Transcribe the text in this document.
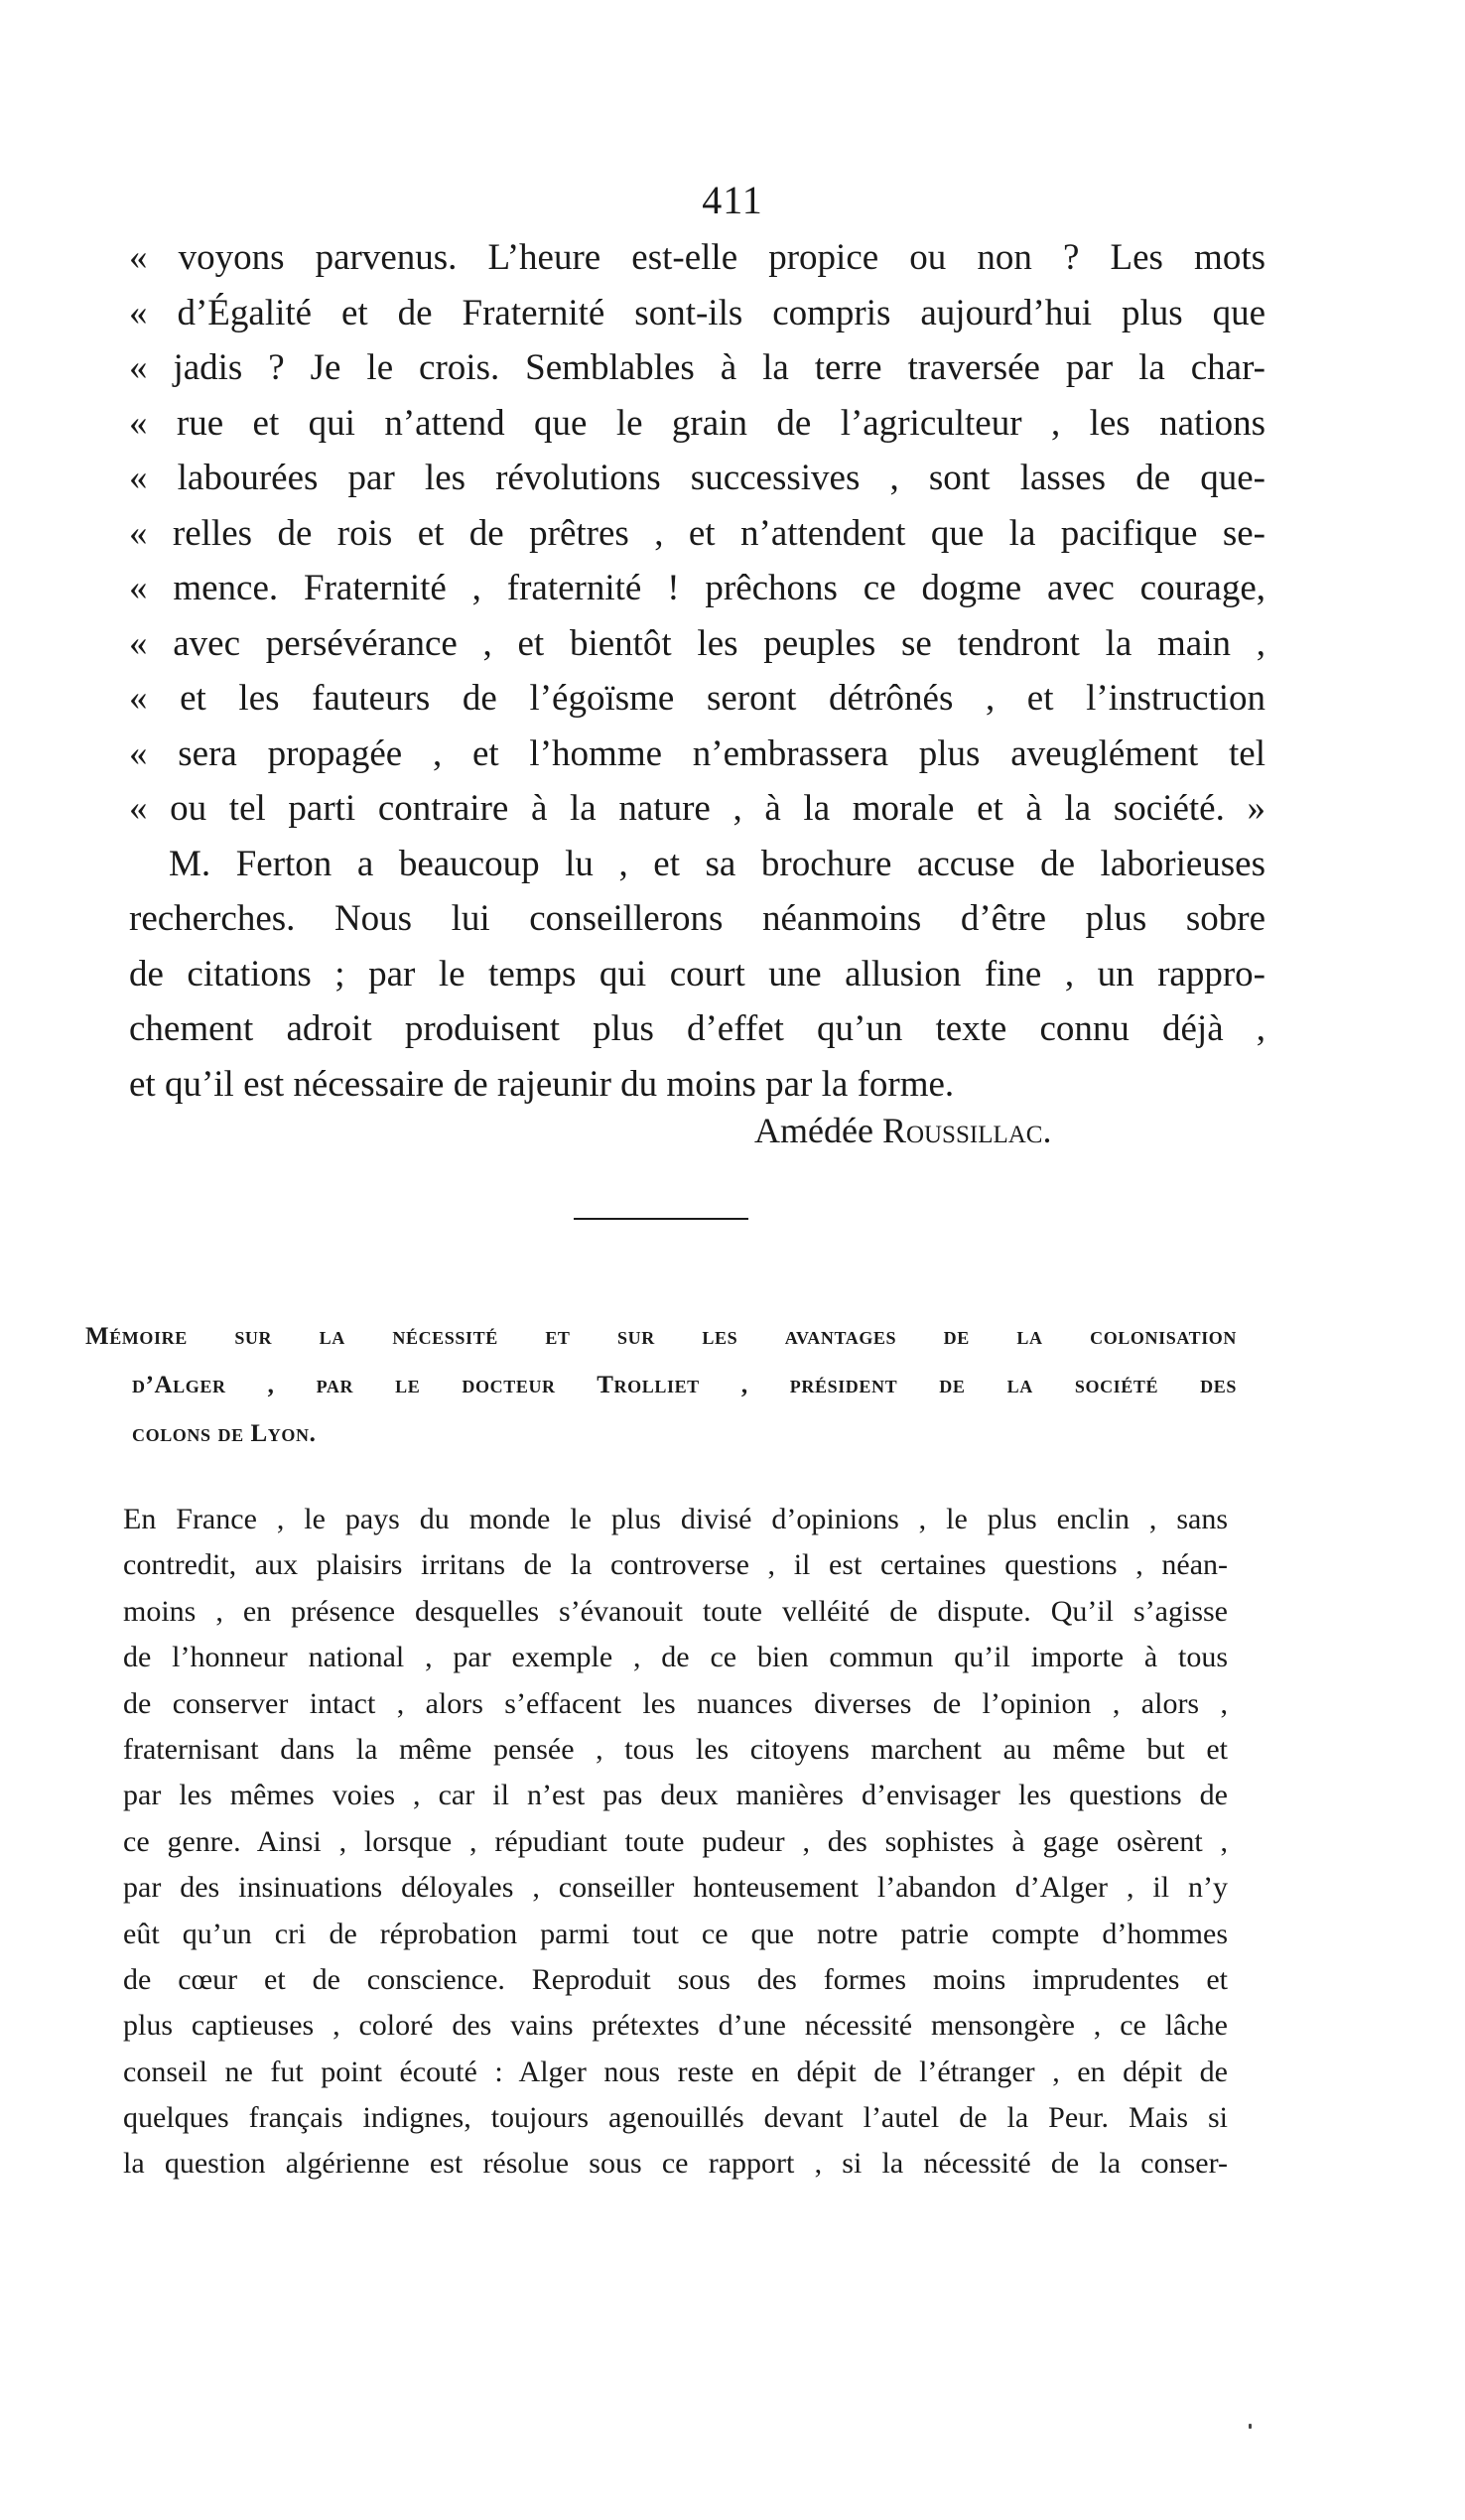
411
« voyons parvenus. L’heure est-elle propice ou non ? Les mots
« d’Égalité et de Fraternité sont-ils compris aujourd’hui plus que
« jadis ? Je le crois. Semblables à la terre traversée par la char-
« rue et qui n’attend que le grain de l’agriculteur , les nations
« labourées par les révolutions successives , sont lasses de que-
« relles de rois et de prêtres , et n’attendent que la pacifique se-
« mence. Fraternité , fraternité ! prêchons ce dogme avec courage,
« avec persévérance , et bientôt les peuples se tendront la main ,
« et les fauteurs de l’égoïsme seront détrônés , et l’instruction
« sera propagée , et l’homme n’embrassera plus aveuglément tel
« ou tel parti contraire à la nature , à la morale et à la société. »
M. Ferton a beaucoup lu , et sa brochure accuse de laborieuses
recherches. Nous lui conseillerons néanmoins d’être plus sobre
de citations ; par le temps qui court une allusion fine , un rappro-
chement adroit produisent plus d’effet qu’un texte connu déjà ,
et qu’il est nécessaire de rajeunir du moins par la forme.
Amédée Roussillac.
Mémoire sur la nécessité et sur les avantages de la colonisation
d’Alger , par le docteur Trolliet , président de la société des
colons de Lyon.
En France , le pays du monde le plus divisé d’opinions , le plus enclin , sans
contredit, aux plaisirs irritans de la controverse , il est certaines questions , néan-
moins , en présence desquelles s’évanouit toute velléité de dispute. Qu’il s’agisse
de l’honneur national , par exemple , de ce bien commun qu’il importe à tous
de conserver intact , alors s’effacent les nuances diverses de l’opinion , alors ,
fraternisant dans la même pensée , tous les citoyens marchent au même but et
par les mêmes voies , car il n’est pas deux manières d’envisager les questions de
ce genre. Ainsi , lorsque , répudiant toute pudeur , des sophistes à gage osèrent ,
par des insinuations déloyales , conseiller honteusement l’abandon d’Alger , il n’y
eût qu’un cri de réprobation parmi tout ce que notre patrie compte d’hommes
de cœur et de conscience. Reproduit sous des formes moins imprudentes et
plus captieuses , coloré des vains prétextes d’une nécessité mensongère , ce lâche
conseil ne fut point écouté : Alger nous reste en dépit de l’étranger , en dépit de
quelques français indignes, toujours agenouillés devant l’autel de la Peur. Mais si
la question algérienne est résolue sous ce rapport , si la nécessité de la conser-
